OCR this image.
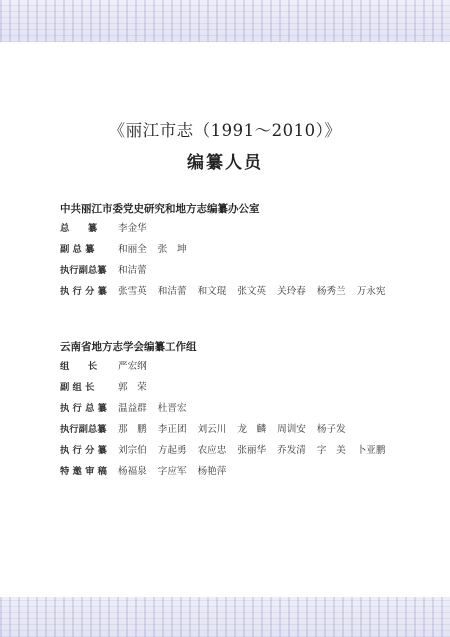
《丽江市志（1991～2010）》
编纂人员
中共丽江市委党史研究和地方志编纂办公室
总　　纂	李金华
副 总 纂	和丽全 张　坤
执行副总纂	和洁蕾
执 行 分 纂	张雪英 和洁蕾 和文琨 张文英 关玲春 杨秀兰 万永宪
云南省地方志学会编纂工作组
组　　长	严宏纲
副 组 长	郭　荣
执 行 总 纂	温益群 杜晋宏
执行副总纂	那　鹏 李正团 刘云川 龙　麟 周训安 杨子发
执 行 分 纂	刘宗伯 方起勇 农应忠 张丽华 乔发清 字　美 卜亚鹏
特 邀 审 稿	杨福泉 字应军 杨艳萍
